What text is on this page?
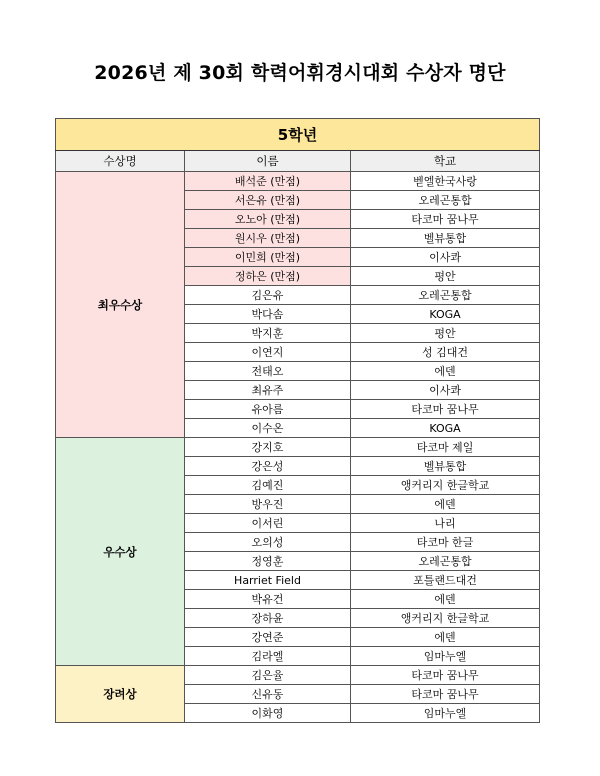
2026년 제 30회 학력어휘경시대회 수상자 명단
5학년		
수상명	이름	학교
최우수상	배석준 (만점)	벧엘한국사랑
	서은유 (만점)	오레곤통합
	오노아 (만점)	타코마 꿈나무
	원시우 (만점)	벨뷰통합
	이민희 (만점)	이사콰
	정하은 (만점)	평안
	김은유	오레곤통합
	박다솜	KOGA
	박지훈	평안
	이연지	성 김대건
	전태오	에덴
	최유주	이사콰
	유아름	타코마 꿈나무
	이수온	KOGA
우수상	강지호	타코마 제일
	강은성	벨뷰통합
	김예진	앵커리지 한글학교
	방우진	에덴
	이서린	나리
	오의성	타코마 한글
	정영훈	오레곤통합
	Harriet Field	포틀랜드대건
	박유건	에덴
	장하윤	앵커리지 한글학교
	강연준	에덴
	김라엘	임마누엘
장려상	김은율	타코마 꿈나무
	신유동	타코마 꿈나무
	이화영	임마누엘
